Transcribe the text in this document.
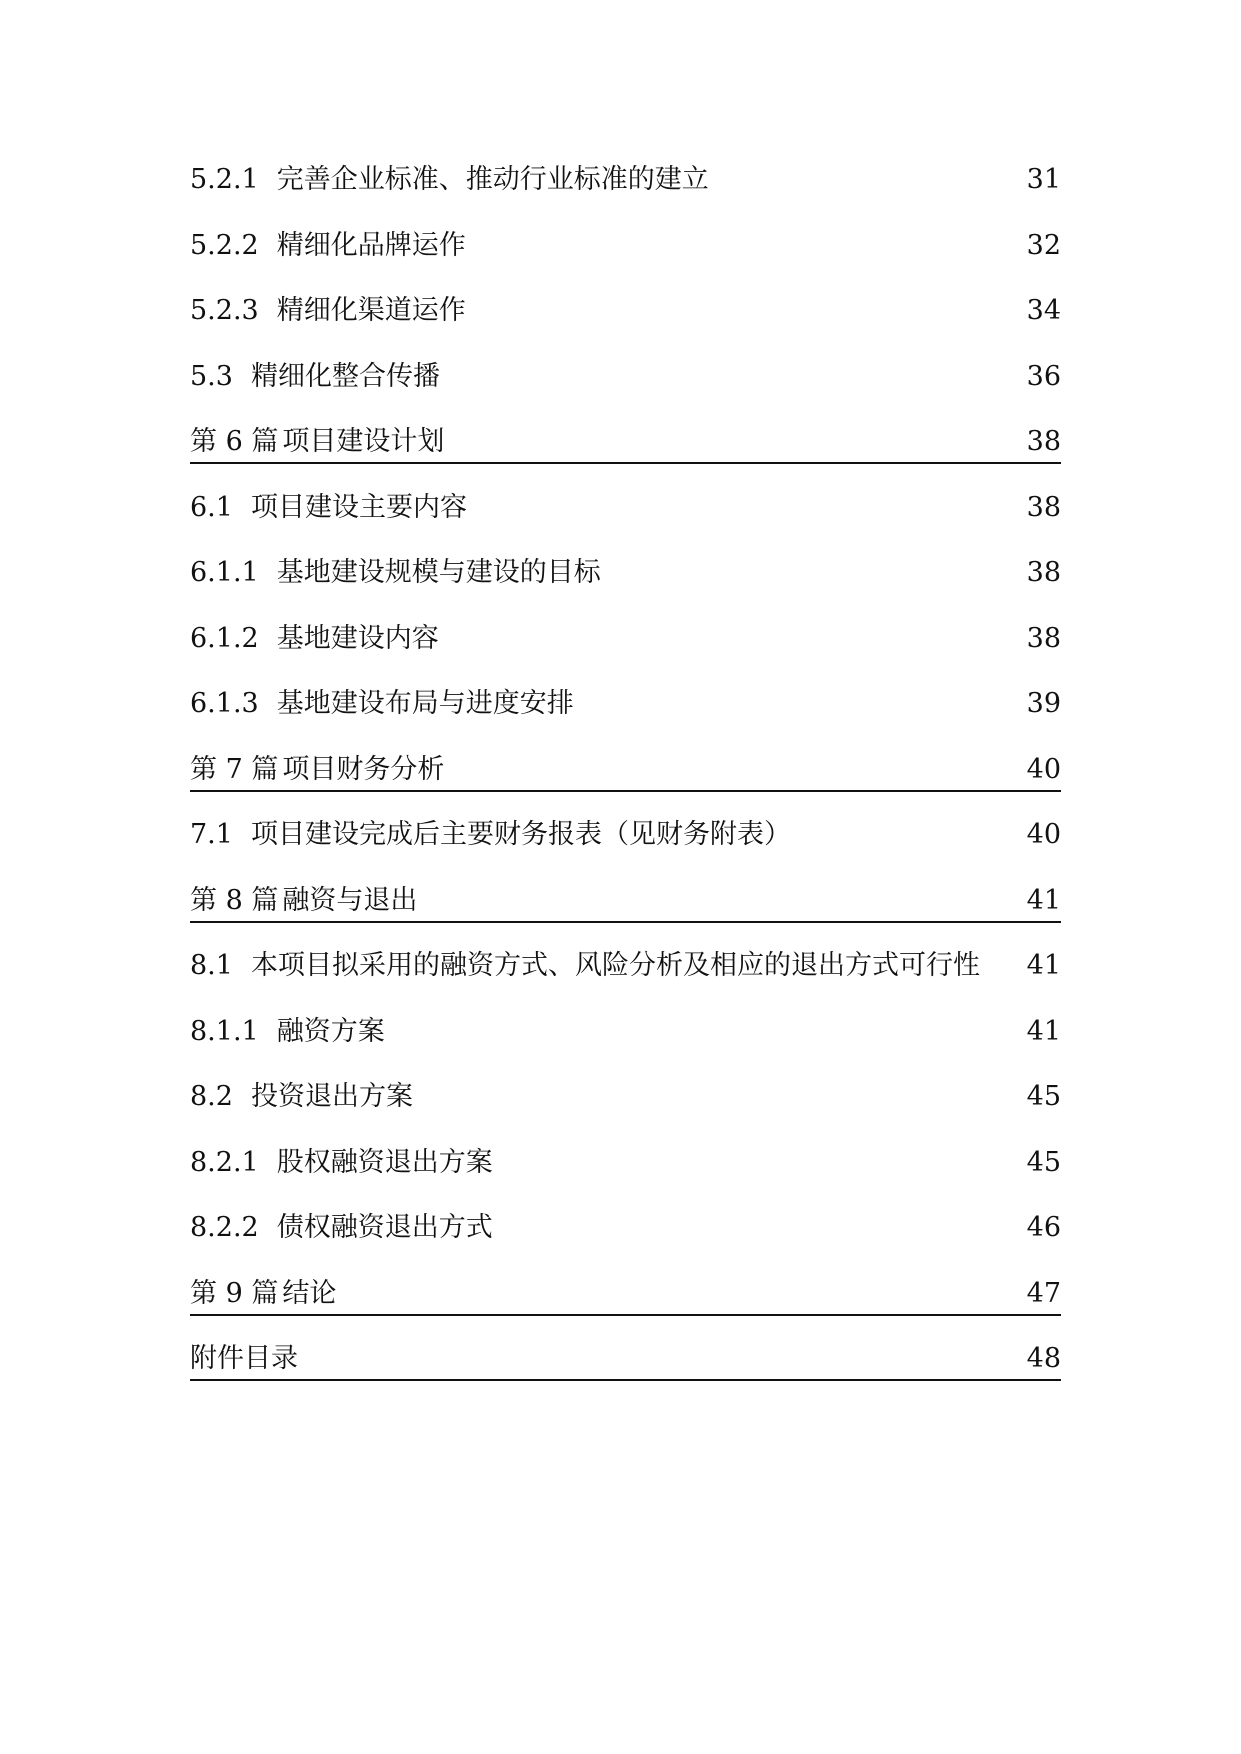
5.2.1 完善企业标准、推动行业标准的建立	31
5.2.2 精细化品牌运作	32
5.2.3 精细化渠道运作	34
5.3 精细化整合传播	36
第 6 篇 项目建设计划	38
6.1 项目建设主要内容	38
6.1.1 基地建设规模与建设的目标	38
6.1.2 基地建设内容	38
6.1.3 基地建设布局与进度安排	39
第 7 篇 项目财务分析	40
7.1 项目建设完成后主要财务报表（见财务附表）	40
第 8 篇 融资与退出	41
8.1 本项目拟采用的融资方式、风险分析及相应的退出方式可行性 41
8.1.1 融资方案	41
8.2 投资退出方案	45
8.2.1 股权融资退出方案	45
8.2.2 债权融资退出方式	46
第 9 篇 结论	47
附件目录	48
